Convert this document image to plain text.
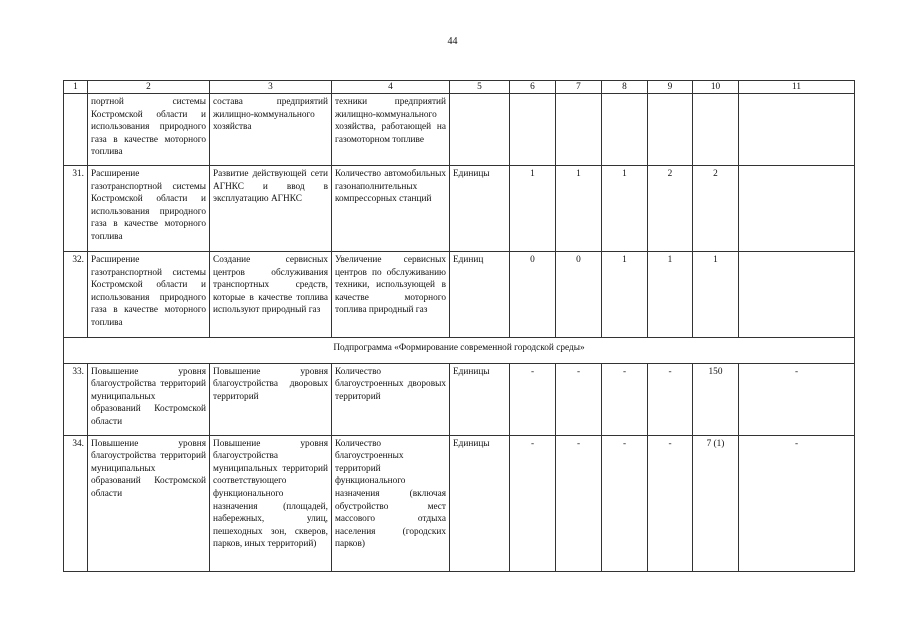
44
1	2	3	4	5	6	7	8	9	10	11
	портной системы Костромской области и использования природного газа в качестве моторного топлива	состава предприятий жилищно-коммунального хозяйства	техники предприятий жилищно-коммунального хозяйства, работающей на газомоторном топливе							
31.	Расширение газотранспортной системы Костромской области и использования природного газа в качестве моторного топлива	Развитие действующей сети АГНКС и ввод в эксплуатацию АГНКС	Количество автомобильных газонаполнительных компрессорных станций	Единицы	1	1	1	2	2	
32.	Расширение газотранспортной системы Костромской области и использования природного газа в качестве моторного топлива	Создание сервисных центров обслуживания транспортных средств, которые в качестве топлива используют природный газ	Увеличение сервисных центров по обслуживанию техники, использующей в качестве моторного топлива природный газ	Единиц	0	0	1	1	1	
Подпрограмма «Формирование современной городской среды»										
33.	Повышение уровня благоустройства территорий муниципальных образований Костромской области	Повышение уровня благоустройства дворовых территорий	Количество благоустроенных дворовых территорий	Единицы	-	-	-	-	150	-
34.	Повышение уровня благоустройства территорий муниципальных образований Костромской области	Повышение уровня благоустройства муниципальных территорий соответствующего функционального назначения (площадей, набережных, улиц, пешеходных зон, скверов, парков, иных территорий)	Количество благоустроенных территорий функционального назначения (включая обустройство мест массового отдыха населения (городских парков)	Единицы	-	-	-	-	7 (1)	-
